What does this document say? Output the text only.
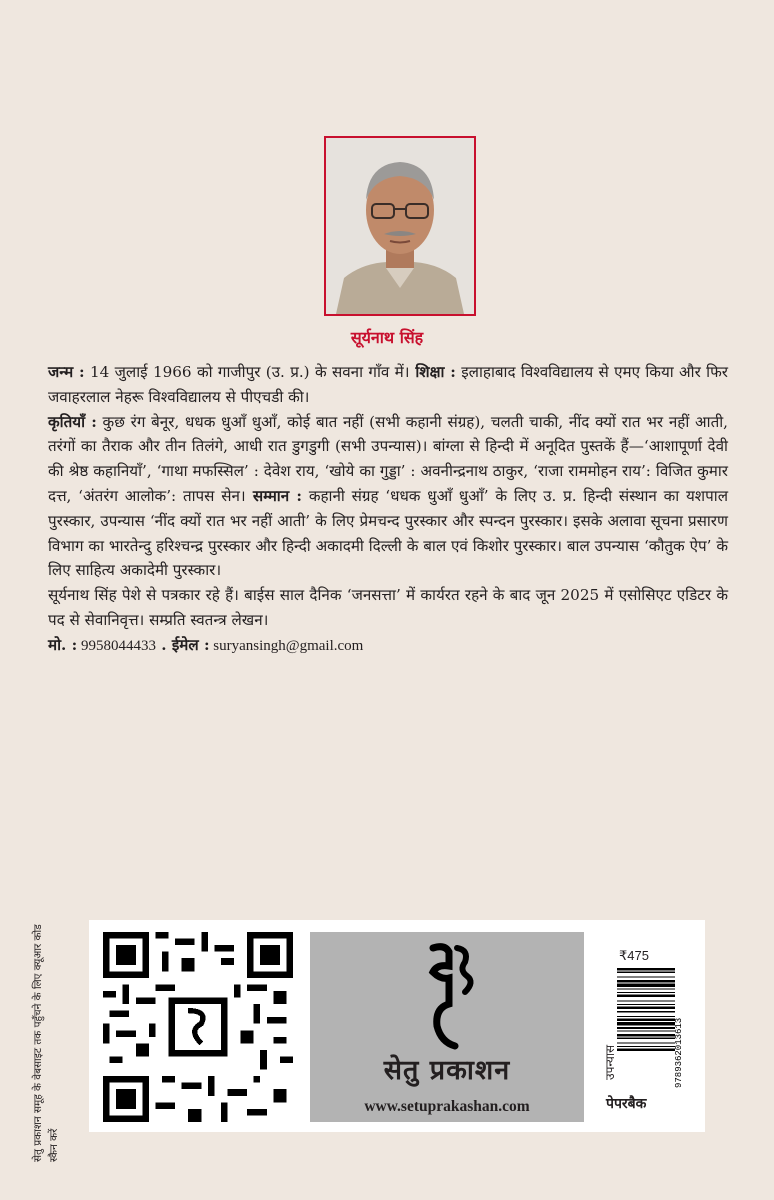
सूर्यनाथ सिंह

जन्म : 14 जुलाई 1966 को गाजीपुर (उ. प्र.) के सवना गाँव में। शिक्षा : इलाहाबाद विश्वविद्यालय से एमए किया और फिर जवाहरलाल नेहरू विश्वविद्यालय से पीएचडी की।
कृतियाँ : कुछ रंग बेनूर, धधक धुआँ धुआँ, कोई बात नहीं (सभी कहानी संग्रह), चलती चाकी, नींद क्यों रात भर नहीं आती, तरंगों का तैराक और तीन तिलंगे, आधी रात डुगडुगी (सभी उपन्यास)। बांग्ला से हिन्दी में अनूदित पुस्तकें हैं—‘आशापूर्णा देवी की श्रेष्ठ कहानियाँ’, ‘गाथा मफस्सिल’ : देवेश राय, ‘खोये का गुड्डा’ : अवनीन्द्रनाथ ठाकुर, ‘राजा राममोहन राय’: विजित कुमार दत्त, ‘अंतरंग आलोक’: तापस सेन। सम्मान : कहानी संग्रह ‘धधक धुआँ धुआँ’ के लिए उ. प्र. हिन्दी संस्थान का यशपाल पुरस्कार, उपन्यास ‘नींद क्यों रात भर नहीं आती’ के लिए प्रेमचन्द पुरस्कार और स्पन्दन पुरस्कार। इसके अलावा सूचना प्रसारण विभाग का भारतेन्दु हरिश्चन्द्र पुरस्कार और हिन्दी अकादमी दिल्ली के बाल एवं किशोर पुरस्कार। बाल उपन्यास ‘कौतुक ऐप’ के लिए साहित्य अकादेमी पुरस्कार।

सूर्यनाथ सिंह पेशे से पत्रकार रहे हैं। बाईस साल दैनिक ‘जनसत्ता’ में कार्यरत रहने के बाद जून 2025 में एसोसिएट एडिटर के पद से सेवानिवृत्त। सम्प्रति स्वतन्त्र लेखन।

मो. : 9958044433 . ईमेल : suryansingh@gmail.com

सेतु प्रकाशन समूह के वेबसाइट तक पहुँचने के लिए क्यूआर कोड स्कैन करें
सेतु प्रकाशन
www.setuprakashan.com
₹475
उपन्यास	9789362013613
पेपरबैक
